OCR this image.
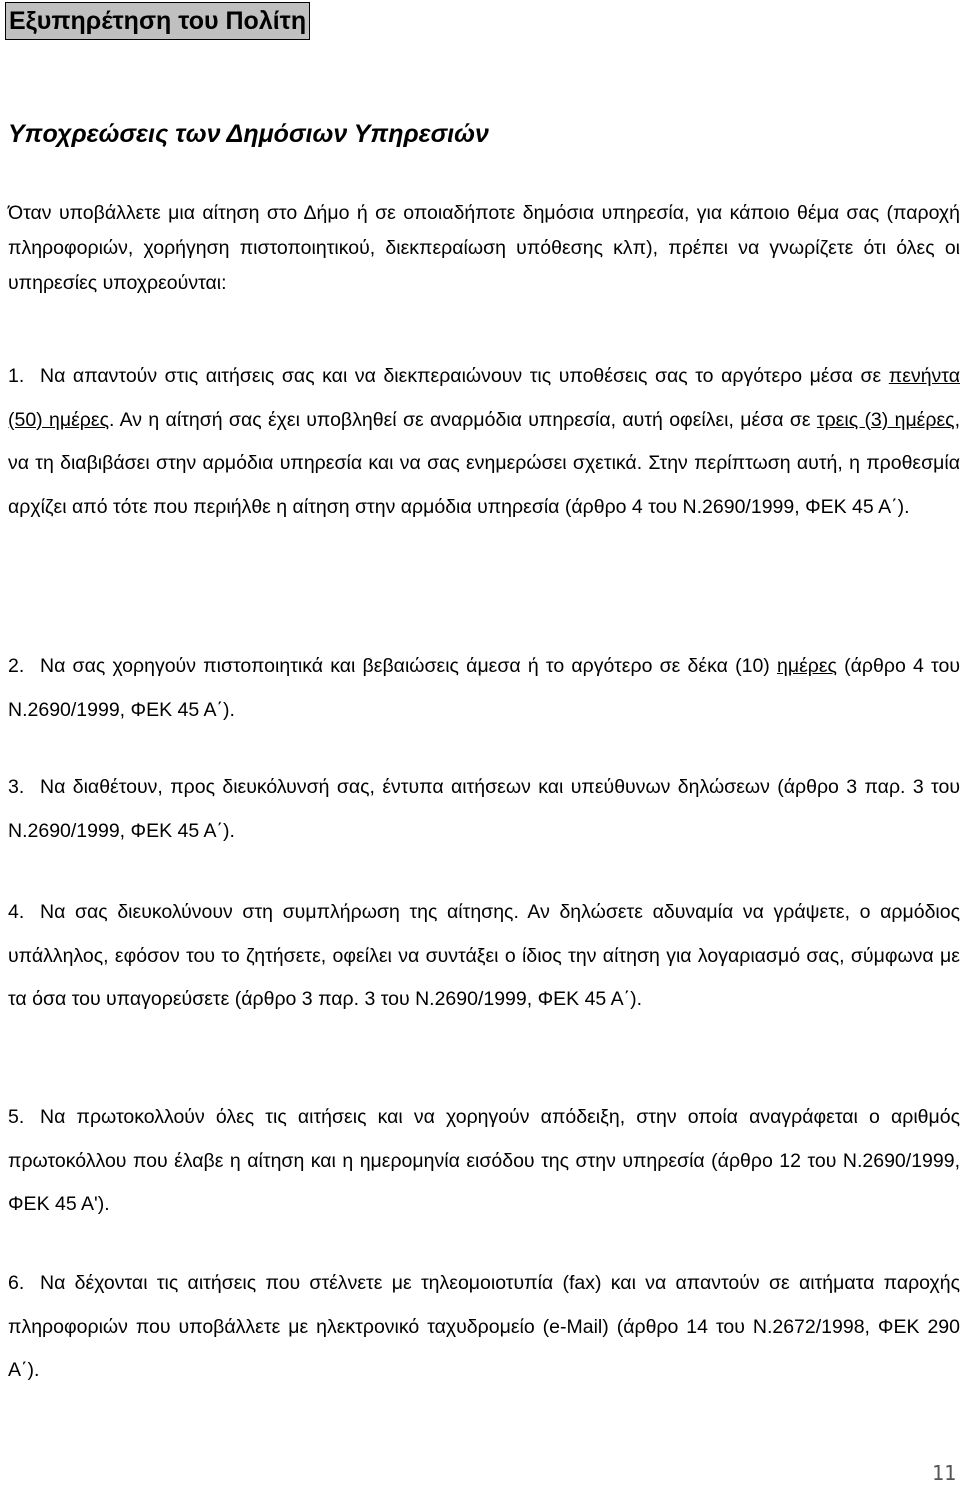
Εξυπηρέτηση του Πολίτη
Υποχρεώσεις των Δημόσιων Υπηρεσιών

Όταν υποβάλλετε μια αίτηση στο Δήμο ή σε οποιαδήποτε δημόσια υπηρεσία, για κάποιο θέμα σας (παροχή πληροφοριών, χορήγηση πιστοποιητικού, διεκπεραίωση υπόθεσης κλπ), πρέπει να γνωρίζετε ότι όλες οι υπηρεσίες υποχρεούνται:

1. Να απαντούν στις αιτήσεις σας και να διεκπεραιώνουν τις υποθέσεις σας το αργότερο μέσα σε πενήντα (50) ημέρες. Αν η αίτησή σας έχει υποβληθεί σε αναρμόδια υπηρεσία, αυτή οφείλει, μέσα σε τρεις (3) ημέρες, να τη διαβιβάσει στην αρμόδια υπηρεσία και να σας ενημερώσει σχετικά. Στην περίπτωση αυτή, η προθεσμία αρχίζει από τότε που περιήλθε η αίτηση στην αρμόδια υπηρεσία (άρθρο 4 του Ν.2690/1999, ΦΕΚ 45 Α΄).

2. Να σας χορηγούν πιστοποιητικά και βεβαιώσεις άμεσα ή το αργότερο σε δέκα (10) ημέρες (άρθρο 4 του Ν.2690/1999, ΦΕΚ 45 Α΄).

3. Να διαθέτουν, προς διευκόλυνσή σας, έντυπα αιτήσεων και υπεύθυνων δηλώσεων (άρθρο 3 παρ. 3 του Ν.2690/1999, ΦΕΚ 45 Α΄).

4. Να σας διευκολύνουν στη συμπλήρωση της αίτησης. Αν δηλώσετε αδυναμία να γράψετε, ο αρμόδιος υπάλληλος, εφόσον του το ζητήσετε, οφείλει να συντάξει ο ίδιος την αίτηση για λογαριασμό σας, σύμφωνα με τα όσα του υπαγορεύσετε (άρθρο 3 παρ. 3 του Ν.2690/1999, ΦΕΚ 45 Α΄).

5. Να πρωτοκολλούν όλες τις αιτήσεις και να χορηγούν απόδειξη, στην οποία αναγράφεται ο αριθμός πρωτοκόλλου που έλαβε η αίτηση και η ημερομηνία εισόδου της στην υπηρεσία (άρθρο 12 του Ν.2690/1999, ΦΕΚ 45 Α').

6. Να δέχονται τις αιτήσεις που στέλνετε με τηλεομοιοτυπία (fax) και να απαντούν σε αιτήματα παροχής πληροφοριών που υποβάλλετε με ηλεκτρονικό ταχυδρομείο (e-Mail) (άρθρο 14 του Ν.2672/1998, ΦΕΚ 290 Α΄).

11
